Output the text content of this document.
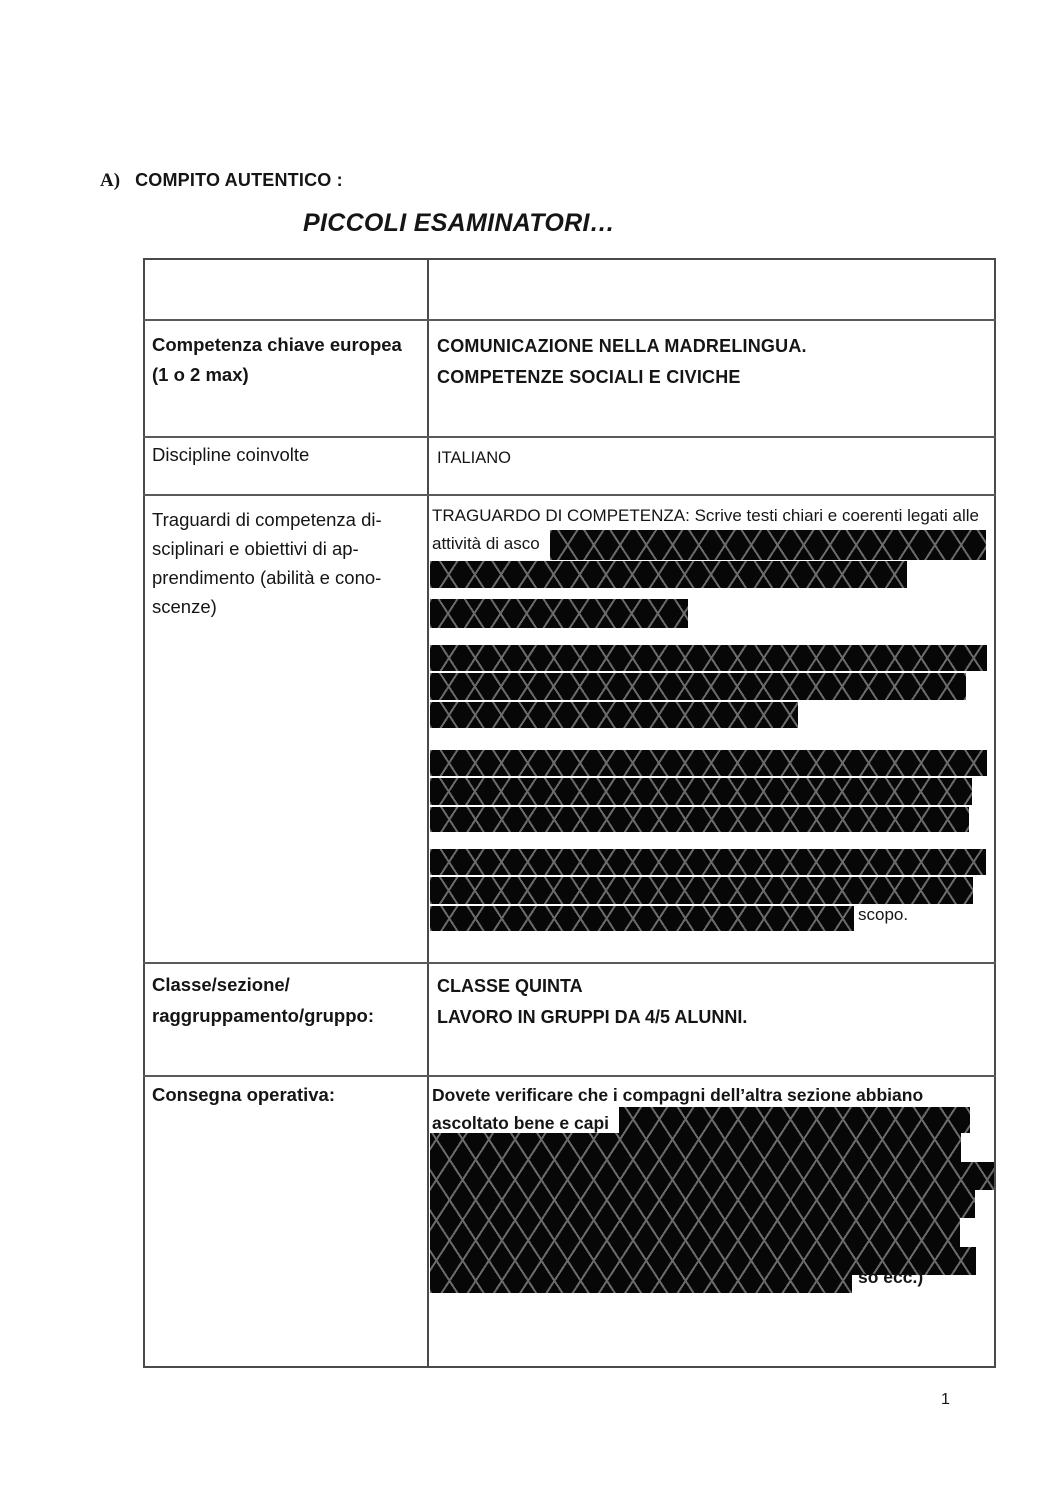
A) COMPITO AUTENTICO :
PICCOLI ESAMINATORI…
Competenza chiave europea
(1 o 2 max)
COMUNICAZIONE NELLA MADRELINGUA.
COMPETENZE SOCIALI E CIVICHE
Discipline coinvolte	ITALIANO
Traguardi di competenza di-
sciplinari e obiettivi di ap-
prendimento (abilità e cono-
scenze)
TRAGUARDO DI COMPETENZA: Scrive testi chiari e coerenti legati alle
attività di asco
scopo.
Classe/sezione/
raggruppamento/gruppo:
CLASSE QUINTA
LAVORO IN GRUPPI DA 4/5 ALUNNI.
Consegna operativa:	Dovete verificare che i compagni dell’altra sezione abbiano
ascoltato bene e capi
so ecc.)
1
